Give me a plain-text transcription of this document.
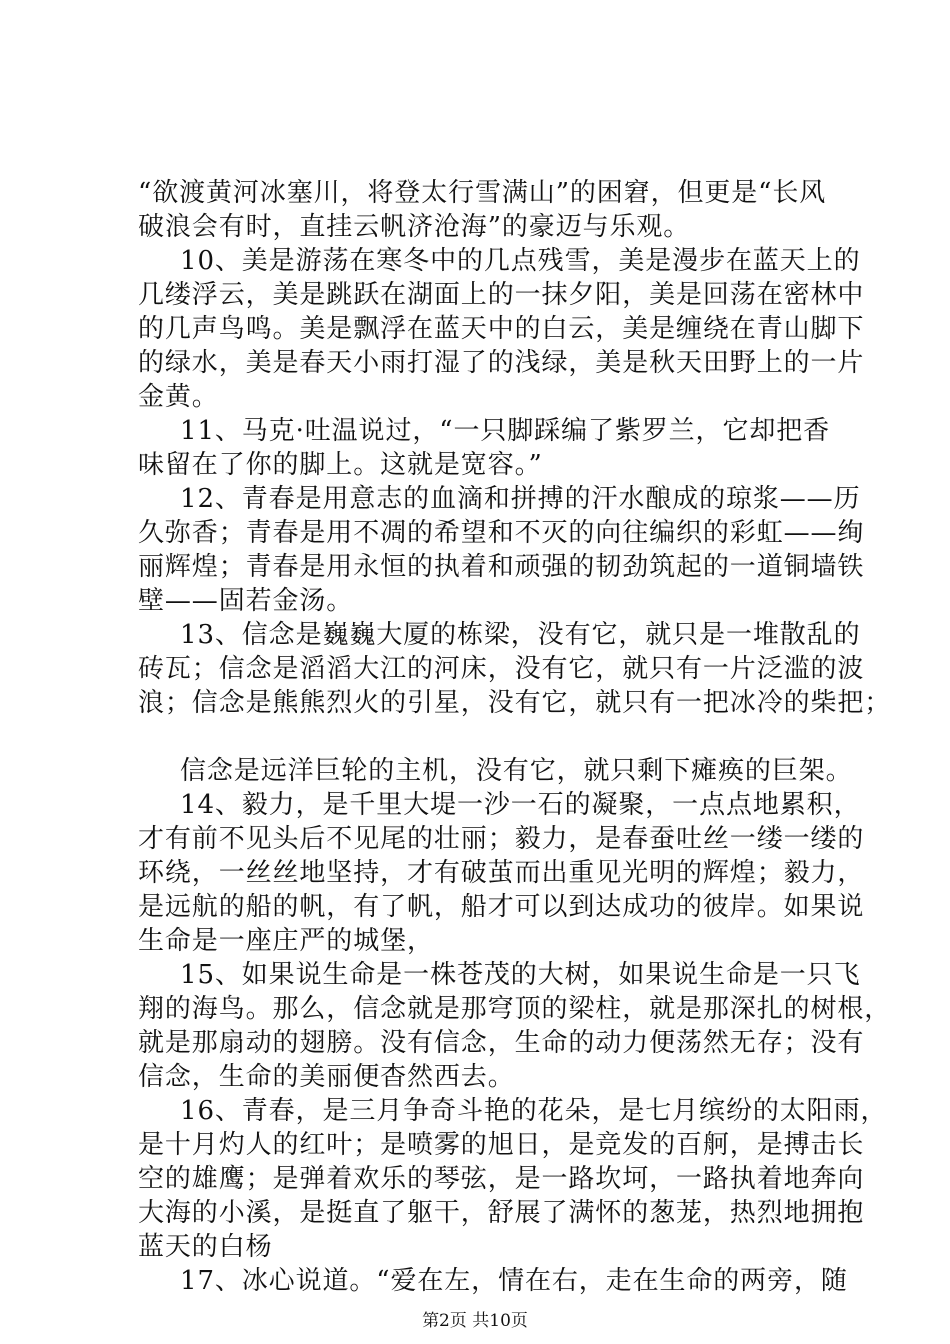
“欲渡黄河冰塞川，将登太行雪满山”的困窘，但更是“长风
破浪会有时，直挂云帆济沧海”的豪迈与乐观。
10、美是游荡在寒冬中的几点残雪，美是漫步在蓝天上的
几缕浮云，美是跳跃在湖面上的一抹夕阳，美是回荡在密林中
的几声鸟鸣。美是飘浮在蓝天中的白云，美是缠绕在青山脚下
的绿水，美是春天小雨打湿了的浅绿，美是秋天田野上的一片
金黄。
11、马克·吐温说过，“一只脚踩编了紫罗兰，它却把香
味留在了你的脚上。这就是宽容。”
12、青春是用意志的血滴和拼搏的汗水酿成的琼浆——历
久弥香；青春是用不凋的希望和不灭的向往编织的彩虹——绚
丽辉煌；青春是用永恒的执着和顽强的韧劲筑起的一道铜墙铁
壁——固若金汤。
13、信念是巍巍大厦的栋梁，没有它，就只是一堆散乱的
砖瓦；信念是滔滔大江的河床，没有它，就只有一片泛滥的波
浪；信念是熊熊烈火的引星，没有它，就只有一把冰冷的柴把；
信念是远洋巨轮的主机，没有它，就只剩下瘫痪的巨架。
14、毅力，是千里大堤一沙一石的凝聚，一点点地累积，
才有前不见头后不见尾的壮丽；毅力，是春蚕吐丝一缕一缕的
环绕，一丝丝地坚持，才有破茧而出重见光明的辉煌；毅力，
是远航的船的帆，有了帆，船才可以到达成功的彼岸。如果说
生命是一座庄严的城堡，
15、如果说生命是一株苍茂的大树，如果说生命是一只飞
翔的海鸟。那么，信念就是那穹顶的梁柱，就是那深扎的树根，
就是那扇动的翅膀。没有信念，生命的动力便荡然无存；没有
信念，生命的美丽便杳然西去。
16、青春，是三月争奇斗艳的花朵，是七月缤纷的太阳雨，
是十月灼人的红叶；是喷雾的旭日，是竞发的百舸，是搏击长
空的雄鹰；是弹着欢乐的琴弦，是一路坎坷，一路执着地奔向
大海的小溪，是挺直了躯干，舒展了满怀的葱茏，热烈地拥抱
蓝天的白杨
17、冰心说道。“爱在左，情在右，走在生命的两旁，随
第2页 共10页
